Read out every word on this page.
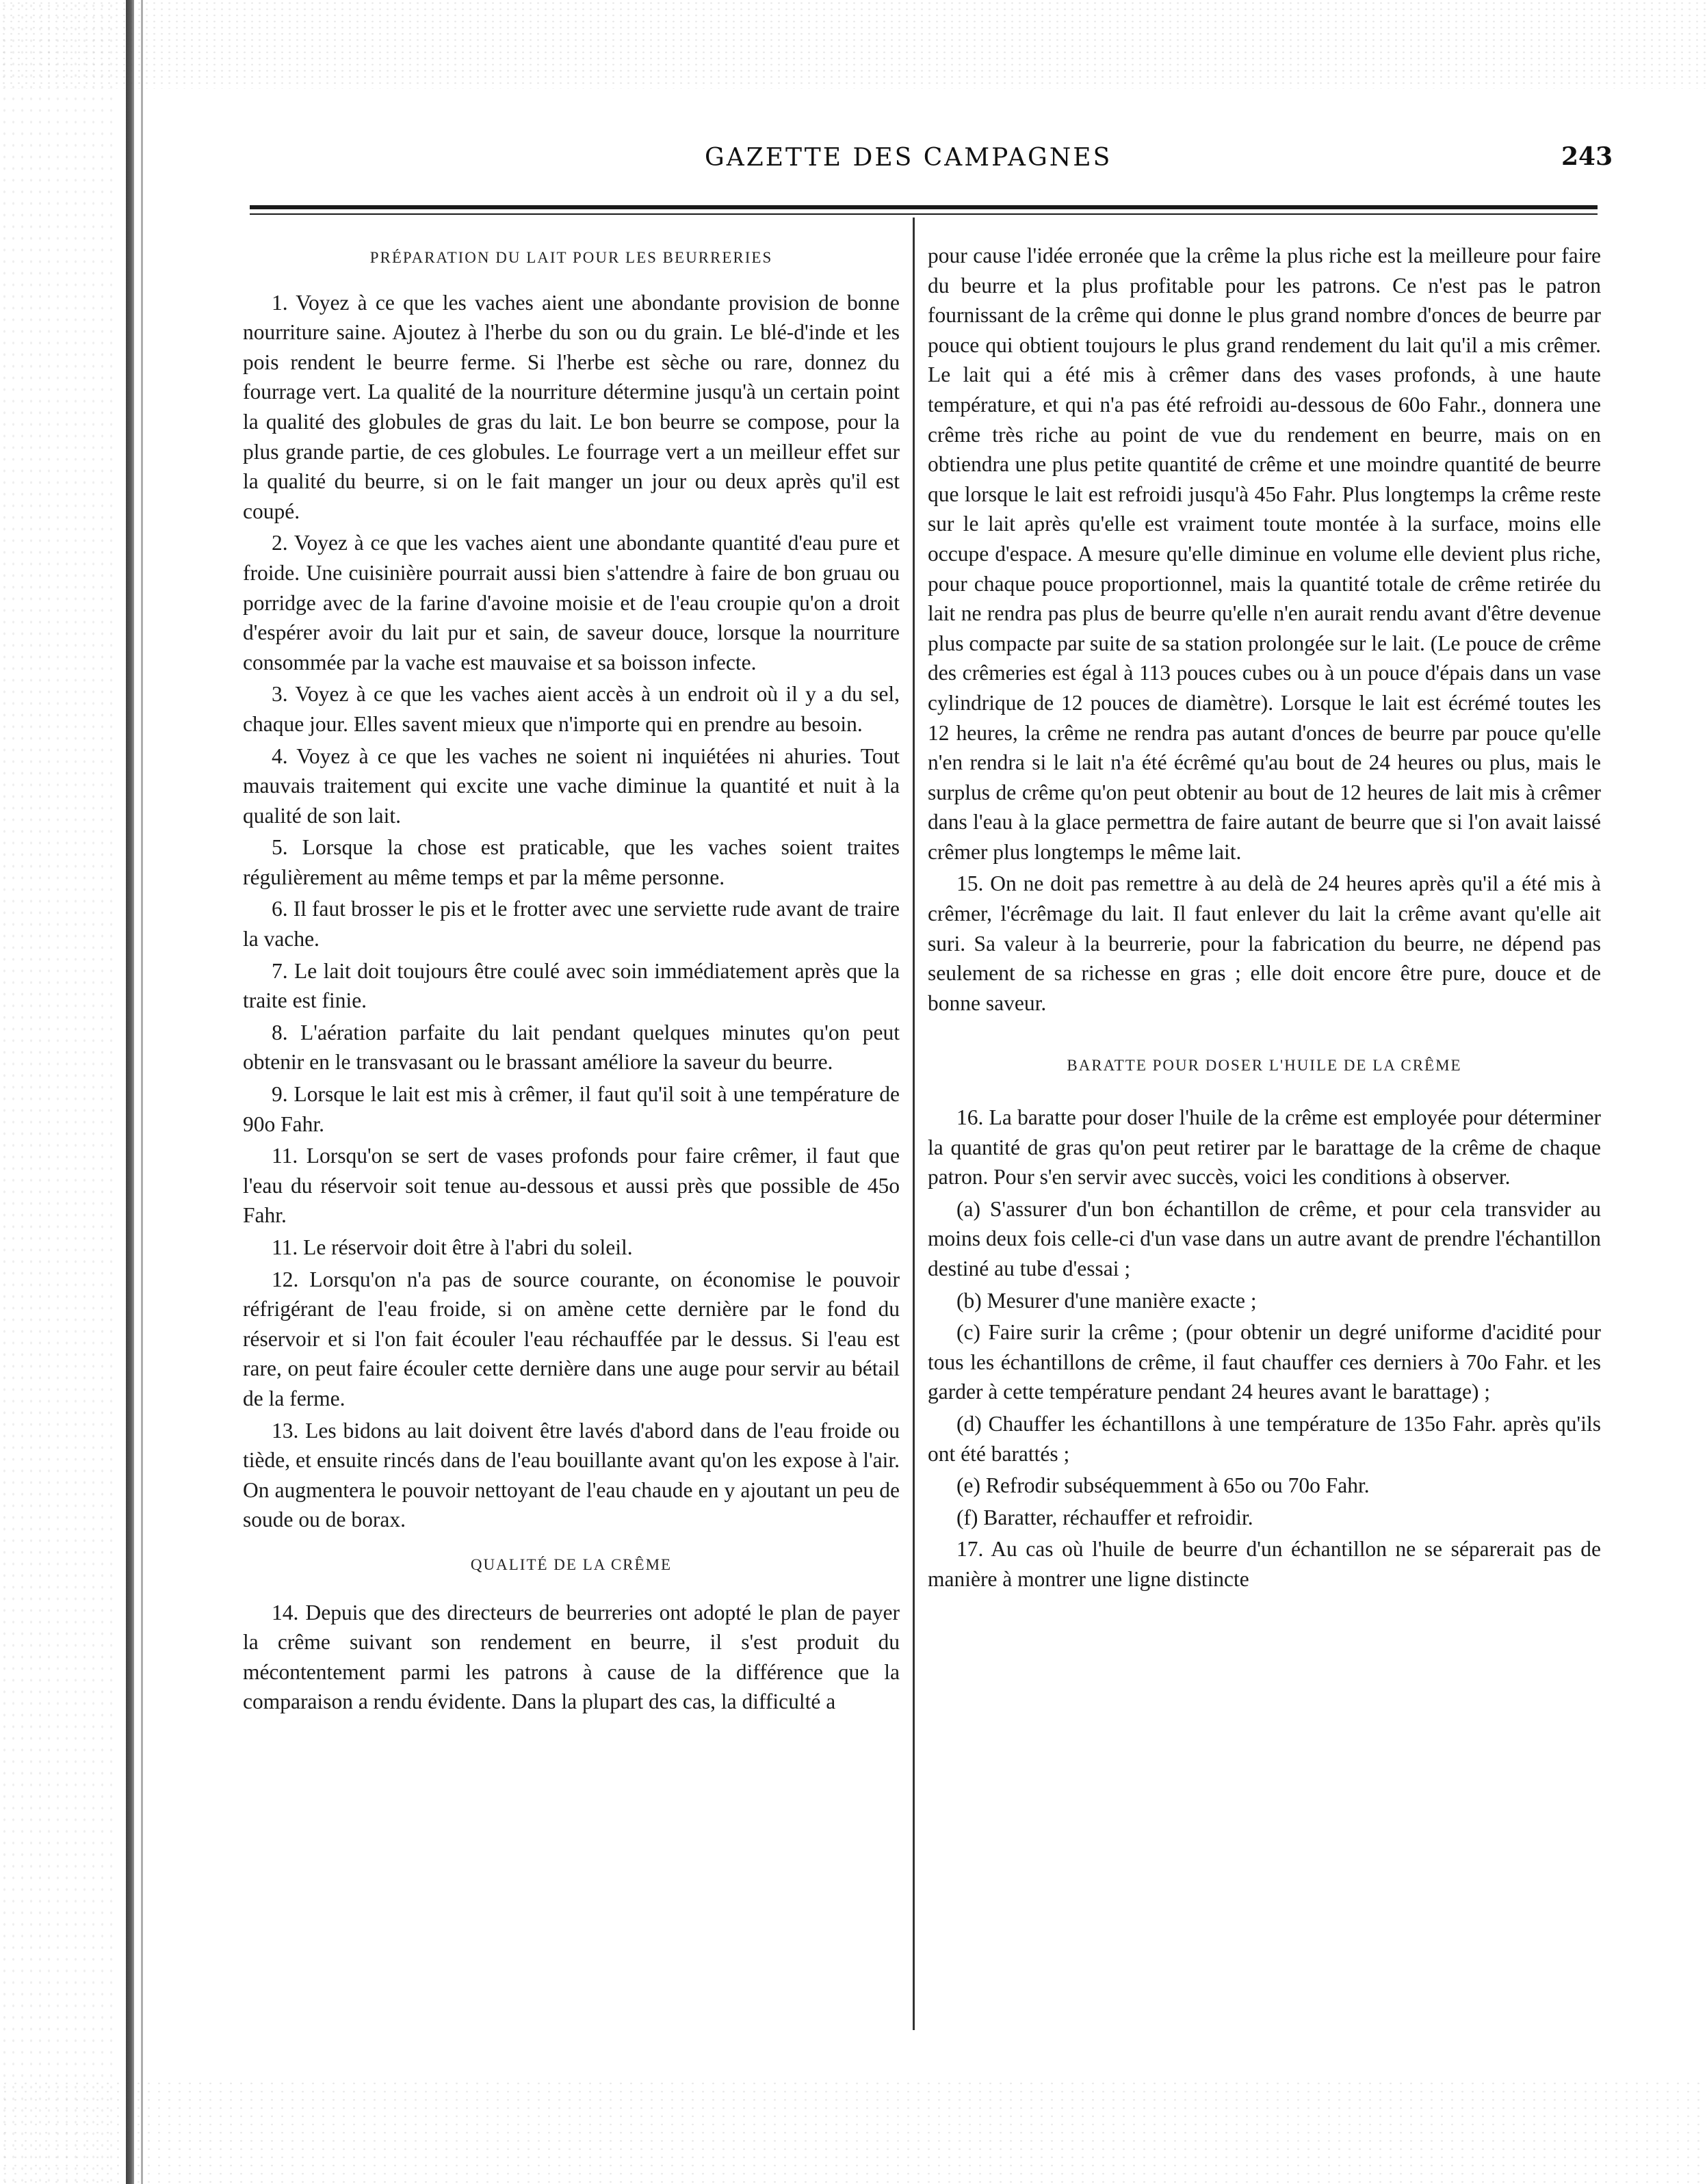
GAZETTE DES CAMPAGNES	243
PRÉPARATION DU LAIT POUR LES BEURRERIES

1. Voyez à ce que les vaches aient une abondante provision de bonne nourriture saine. Ajoutez à l'herbe du son ou du grain. Le blé-d'inde et les pois rendent le beurre ferme. Si l'herbe est sèche ou rare, donnez du fourrage vert. La qualité de la nourriture détermine jusqu'à un certain point la qualité des globules de gras du lait. Le bon beurre se compose, pour la plus grande partie, de ces globules. Le fourrage vert a un meilleur effet sur la qualité du beurre, si on le fait manger un jour ou deux après qu'il est coupé.

2. Voyez à ce que les vaches aient une abondante quantité d'eau pure et froide. Une cuisinière pourrait aussi bien s'attendre à faire de bon gruau ou porridge avec de la farine d'avoine moisie et de l'eau croupie qu'on a droit d'espérer avoir du lait pur et sain, de saveur douce, lorsque la nourriture consommée par la vache est mauvaise et sa boisson infecte.

3. Voyez à ce que les vaches aient accès à un endroit où il y a du sel, chaque jour. Elles savent mieux que n'importe qui en prendre au besoin.

4. Voyez à ce que les vaches ne soient ni inquiétées ni ahuries. Tout mauvais traitement qui excite une vache diminue la quantité et nuit à la qualité de son lait.

5. Lorsque la chose est praticable, que les vaches soient traites régulièrement au même temps et par la même personne.

6. Il faut brosser le pis et le frotter avec une serviette rude avant de traire la vache.

7. Le lait doit toujours être coulé avec soin immédiatement après que la traite est finie.

8. L'aération parfaite du lait pendant quelques minutes qu'on peut obtenir en le transvasant ou le brassant améliore la saveur du beurre.

9. Lorsque le lait est mis à crêmer, il faut qu'il soit à une température de 90o Fahr.

11. Lorsqu'on se sert de vases profonds pour faire crêmer, il faut que l'eau du réservoir soit tenue au-dessous et aussi près que possible de 45o Fahr.

11. Le réservoir doit être à l'abri du soleil.

12. Lorsqu'on n'a pas de source courante, on économise le pouvoir réfrigérant de l'eau froide, si on amène cette dernière par le fond du réservoir et si l'on fait écouler l'eau réchauffée par le dessus. Si l'eau est rare, on peut faire écouler cette dernière dans une auge pour servir au bétail de la ferme.

13. Les bidons au lait doivent être lavés d'abord dans de l'eau froide ou tiède, et ensuite rincés dans de l'eau bouillante avant qu'on les expose à l'air. On augmentera le pouvoir nettoyant de l'eau chaude en y ajoutant un peu de soude ou de borax.

QUALITÉ DE LA CRÊME

14. Depuis que des directeurs de beurreries ont adopté le plan de payer la crême suivant son rendement en beurre, il s'est produit du mécontentement parmi les patrons à cause de la différence que la comparaison a rendu évidente. Dans la plupart des cas, la difficulté a

pour cause l'idée erronée que la crême la plus riche est la meilleure pour faire du beurre et la plus profitable pour les patrons. Ce n'est pas le patron fournissant de la crême qui donne le plus grand nombre d'onces de beurre par pouce qui obtient toujours le plus grand rendement du lait qu'il a mis crêmer. Le lait qui a été mis à crêmer dans des vases profonds, à une haute température, et qui n'a pas été refroidi au-dessous de 60o Fahr., donnera une crême très riche au point de vue du rendement en beurre, mais on en obtiendra une plus petite quantité de crême et une moindre quantité de beurre que lorsque le lait est refroidi jusqu'à 45o Fahr. Plus longtemps la crême reste sur le lait après qu'elle est vraiment toute montée à la surface, moins elle occupe d'espace. A mesure qu'elle diminue en volume elle devient plus riche, pour chaque pouce proportionnel, mais la quantité totale de crême retirée du lait ne rendra pas plus de beurre qu'elle n'en aurait rendu avant d'être devenue plus compacte par suite de sa station prolongée sur le lait. (Le pouce de crême des crêmeries est égal à 113 pouces cubes ou à un pouce d'épais dans un vase cylindrique de 12 pouces de diamètre). Lorsque le lait est écrémé toutes les 12 heures, la crême ne rendra pas autant d'onces de beurre par pouce qu'elle n'en rendra si le lait n'a été écrêmé qu'au bout de 24 heures ou plus, mais le surplus de crême qu'on peut obtenir au bout de 12 heures de lait mis à crêmer dans l'eau à la glace permettra de faire autant de beurre que si l'on avait laissé crêmer plus longtemps le même lait.

15. On ne doit pas remettre à au delà de 24 heures après qu'il a été mis à crêmer, l'écrêmage du lait. Il faut enlever du lait la crême avant qu'elle ait suri. Sa valeur à la beurrerie, pour la fabrication du beurre, ne dépend pas seulement de sa richesse en gras ; elle doit encore être pure, douce et de bonne saveur.

BARATTE POUR DOSER L'HUILE DE LA CRÊME

16. La baratte pour doser l'huile de la crême est employée pour déterminer la quantité de gras qu'on peut retirer par le barattage de la crême de chaque patron. Pour s'en servir avec succès, voici les conditions à observer.

(a) S'assurer d'un bon échantillon de crême, et pour cela transvider au moins deux fois celle-ci d'un vase dans un autre avant de prendre l'échantillon destiné au tube d'essai ;

(b) Mesurer d'une manière exacte ;

(c) Faire surir la crême ; (pour obtenir un degré uniforme d'acidité pour tous les échantillons de crême, il faut chauffer ces derniers à 70o Fahr. et les garder à cette température pendant 24 heures avant le barattage) ;

(d) Chauffer les échantillons à une température de 135o Fahr. après qu'ils ont été barattés ;

(e) Refrodir subséquemment à 65o ou 70o Fahr.

(f) Baratter, réchauffer et refroidir.

17. Au cas où l'huile de beurre d'un échantillon ne se séparerait pas de manière à montrer une ligne distincte
